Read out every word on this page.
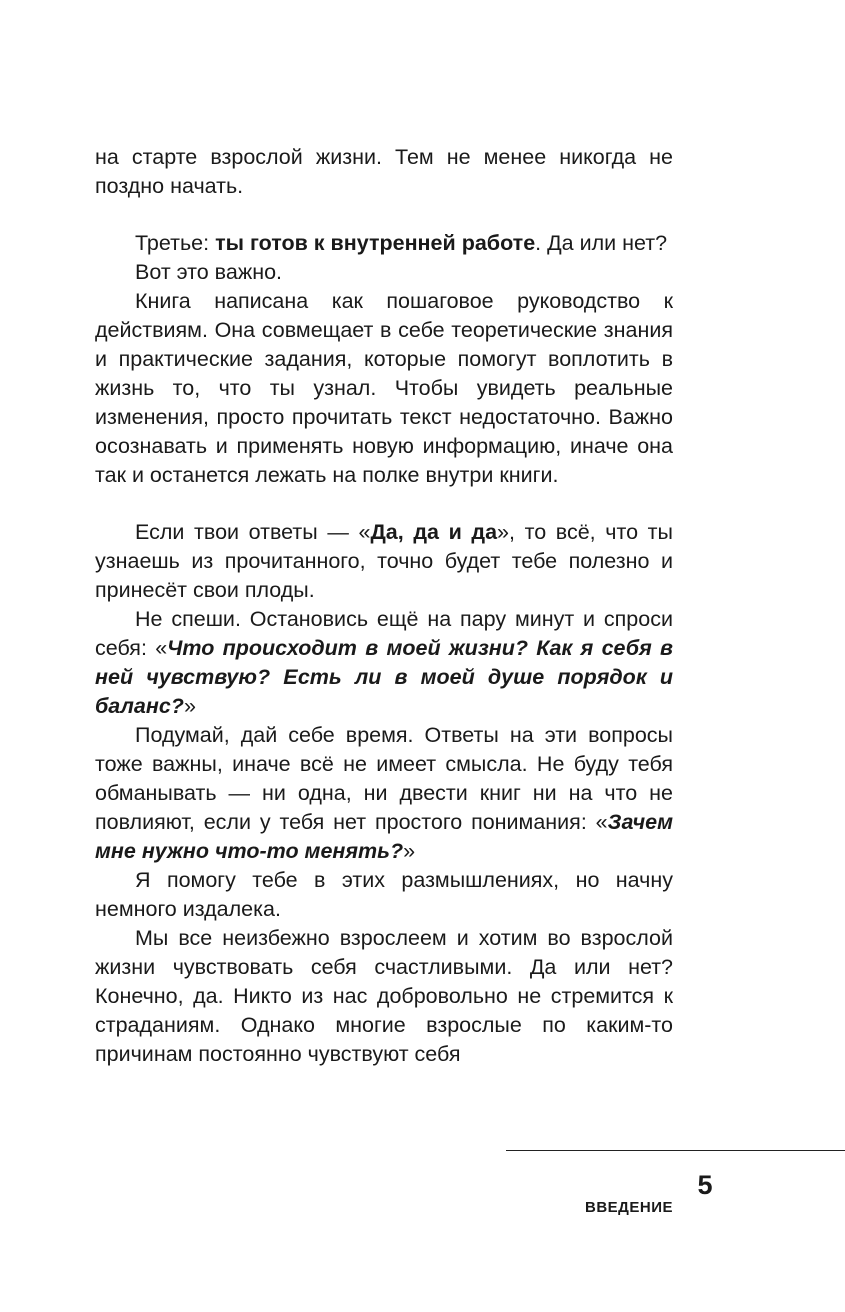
на старте взрослой жизни. Тем не менее никогда не поздно начать.

Третье: ты готов к внутренней работе. Да или нет?

Вот это важно.

Книга написана как пошаговое руководство к действиям. Она совмещает в себе теоретические знания и практические задания, которые помогут воплотить в жизнь то, что ты узнал. Чтобы увидеть реальные изменения, просто прочитать текст недостаточно. Важно осознавать и применять новую информацию, иначе она так и останется лежать на полке внутри книги.

Если твои ответы — «Да, да и да», то всё, что ты узнаешь из прочитанного, точно будет тебе полезно и принесёт свои плоды.

Не спеши. Остановись ещё на пару минут и спроси себя: «Что происходит в моей жизни? Как я себя в ней чувствую? Есть ли в моей душе порядок и баланс?»

Подумай, дай себе время. Ответы на эти вопросы тоже важны, иначе всё не имеет смысла. Не буду тебя обманывать — ни одна, ни двести книг ни на что не повлияют, если у тебя нет простого понимания: «Зачем мне нужно что-то менять?»

Я помогу тебе в этих размышлениях, но начну немного издалека.

Мы все неизбежно взрослеем и хотим во взрослой жизни чувствовать себя счастливыми. Да или нет? Конечно, да. Никто из нас добровольно не стремится к страданиям. Однако многие взрослые по каким-то причинам постоянно чувствуют себя

5
ВВЕДЕНИЕ
